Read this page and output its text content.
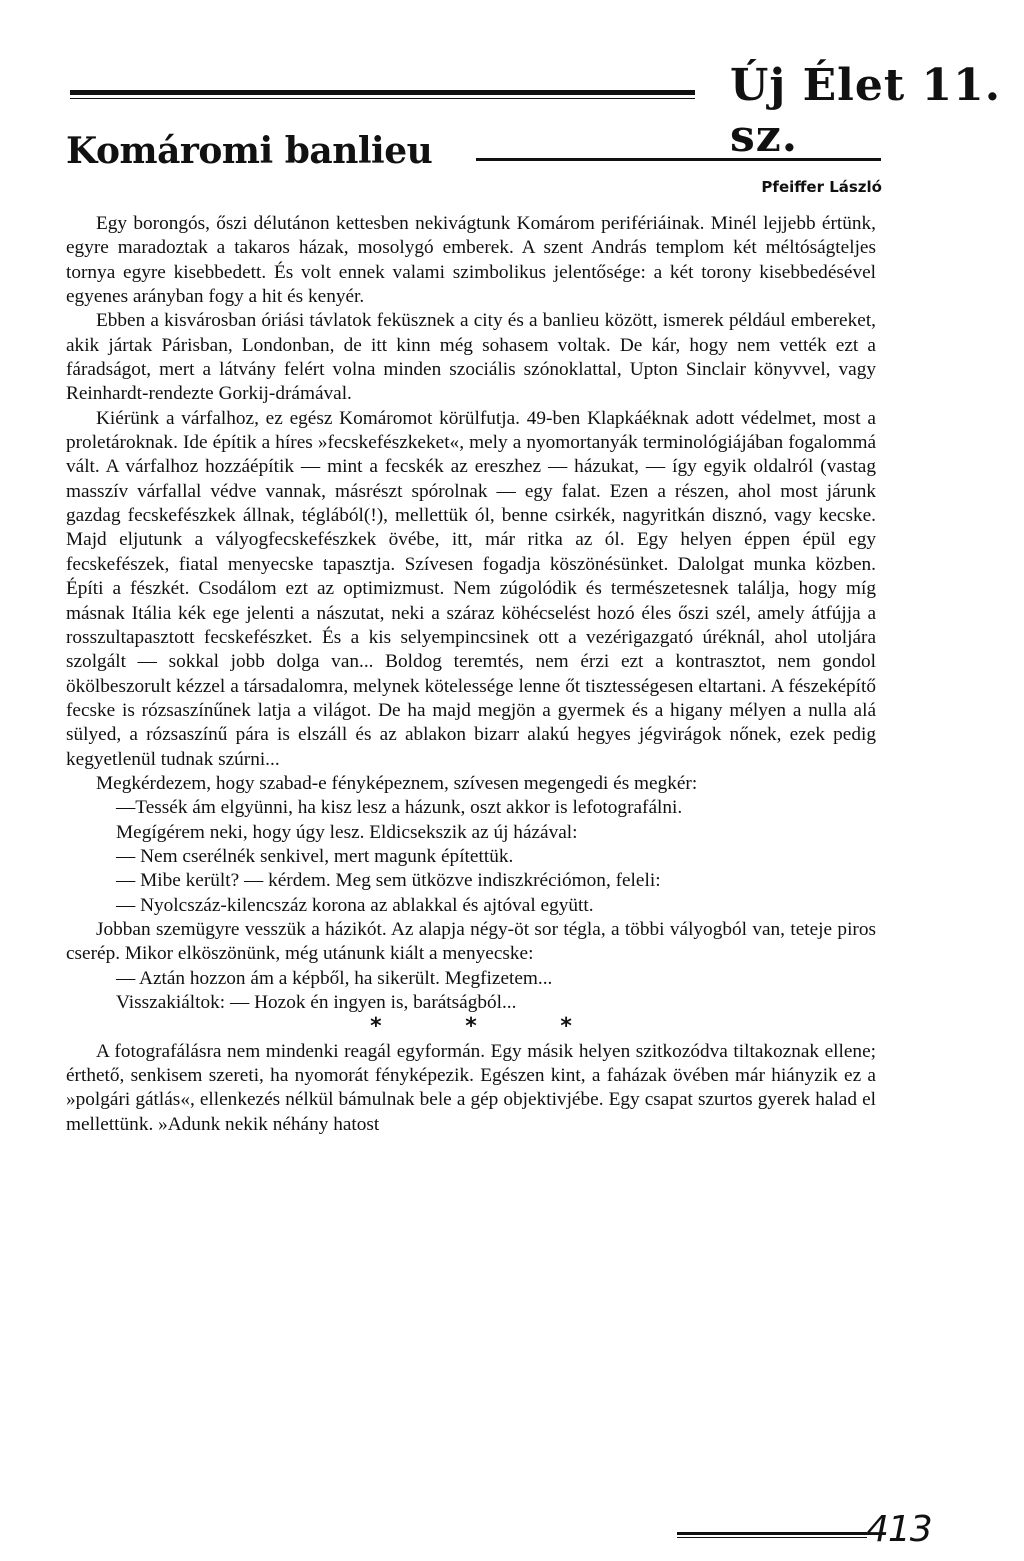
Új Élet 11. sz.
Komáromi banlieu
Pfeiffer László

Egy borongós, őszi délutánon kettesben nekivágtunk Komárom perifériáinak. Minél lejjebb értünk, egyre maradoztak a takaros házak, mosolygó emberek. A szent András templom két méltóságteljes tornya egyre kisebbedett. És volt ennek valami szimbolikus jelentősége: a két torony kisebbedésével egyenes arányban fogy a hit és kenyér.

Ebben a kisvárosban óriási távlatok feküsznek a city és a banlieu között, ismerek például embereket, akik jártak Párisban, Londonban, de itt kinn még sohasem voltak. De kár, hogy nem vették ezt a fáradságot, mert a látvány felért volna minden szociális szónoklattal, Upton Sinclair könyvvel, vagy Reinhardt-rendezte Gorkij-drámával.

Kiérünk a várfalhoz, ez egész Komáromot körülfutja. 49-ben Klapkáéknak adott védelmet, most a proletároknak. Ide építik a híres »fecskefészkeket«, mely a nyomortanyák terminológiájában fogalommá vált. A várfalhoz hozzáépítik — mint a fecskék az ereszhez — házukat, — így egyik oldalról (vastag masszív várfallal védve vannak, másrészt spórolnak — egy falat. Ezen a részen, ahol most járunk gazdag fecskefészkek állnak, téglából(!), mellettük ól, benne csirkék, nagyritkán disznó, vagy kecske. Majd eljutunk a vályogfecskefészkek övébe, itt, már ritka az ól. Egy helyen éppen épül egy fecskefészek, fiatal menyecske tapasztja. Szívesen fogadja köszönésünket. Dalolgat munka közben. Építi a fészkét. Csodálom ezt az optimizmust. Nem zúgolódik és természetesnek találja, hogy míg másnak Itália kék ege jelenti a nászutat, neki a száraz köhécselést hozó éles őszi szél, amely átfújja a rosszultapasztott fecskefészket. És a kis selyempincsinek ott a vezérigazgató úréknál, ahol utoljára szolgált — sokkal jobb dolga van... Boldog teremtés, nem érzi ezt a kontrasztot, nem gondol ökölbeszorult kézzel a társadalomra, melynek kötelessége lenne őt tisztességesen eltartani. A fészeképítő fecske is rózsaszínűnek latja a világot. De ha majd megjön a gyermek és a higany mélyen a nulla alá sülyed, a rózsaszínű pára is elszáll és az ablakon bizarr alakú hegyes jégvirágok nőnek, ezek pedig kegyetlenül tudnak szúrni...

Megkérdezem, hogy szabad-e fényképeznem, szívesen megengedi és megkér:

—Tessék ám elgyünni, ha kisz lesz a házunk, oszt akkor is lefotografálni.

Megígérem neki, hogy úgy lesz. Eldicsekszik az új házával:

— Nem cserélnék senkivel, mert magunk építettük.

— Mibe került? — kérdem. Meg sem ütközve indiszkréciómon, feleli:

— Nyolcszáz-kilencszáz korona az ablakkal és ajtóval együtt.

Jobban szemügyre vesszük a házikót. Az alapja négy-öt sor tégla, a többi vályogból van, teteje piros cserép. Mikor elköszönünk, még utánunk kiált a menyecske:

— Aztán hozzon ám a képből, ha sikerült. Megfizetem...

Visszakiáltok: — Hozok én ingyen is, barátságból...

* * *

A fotografálásra nem mindenki reagál egyformán. Egy másik helyen szitkozódva tiltakoznak ellene; érthető, senkisem szereti, ha nyomorát fényképezik. Egészen kint, a faházak övében már hiányzik ez a »polgári gátlás«, ellenkezés nélkül bámulnak bele a gép objektivjébe. Egy csapat szurtos gyerek halad el mellettünk. »Adunk nekik néhány hatost

413
